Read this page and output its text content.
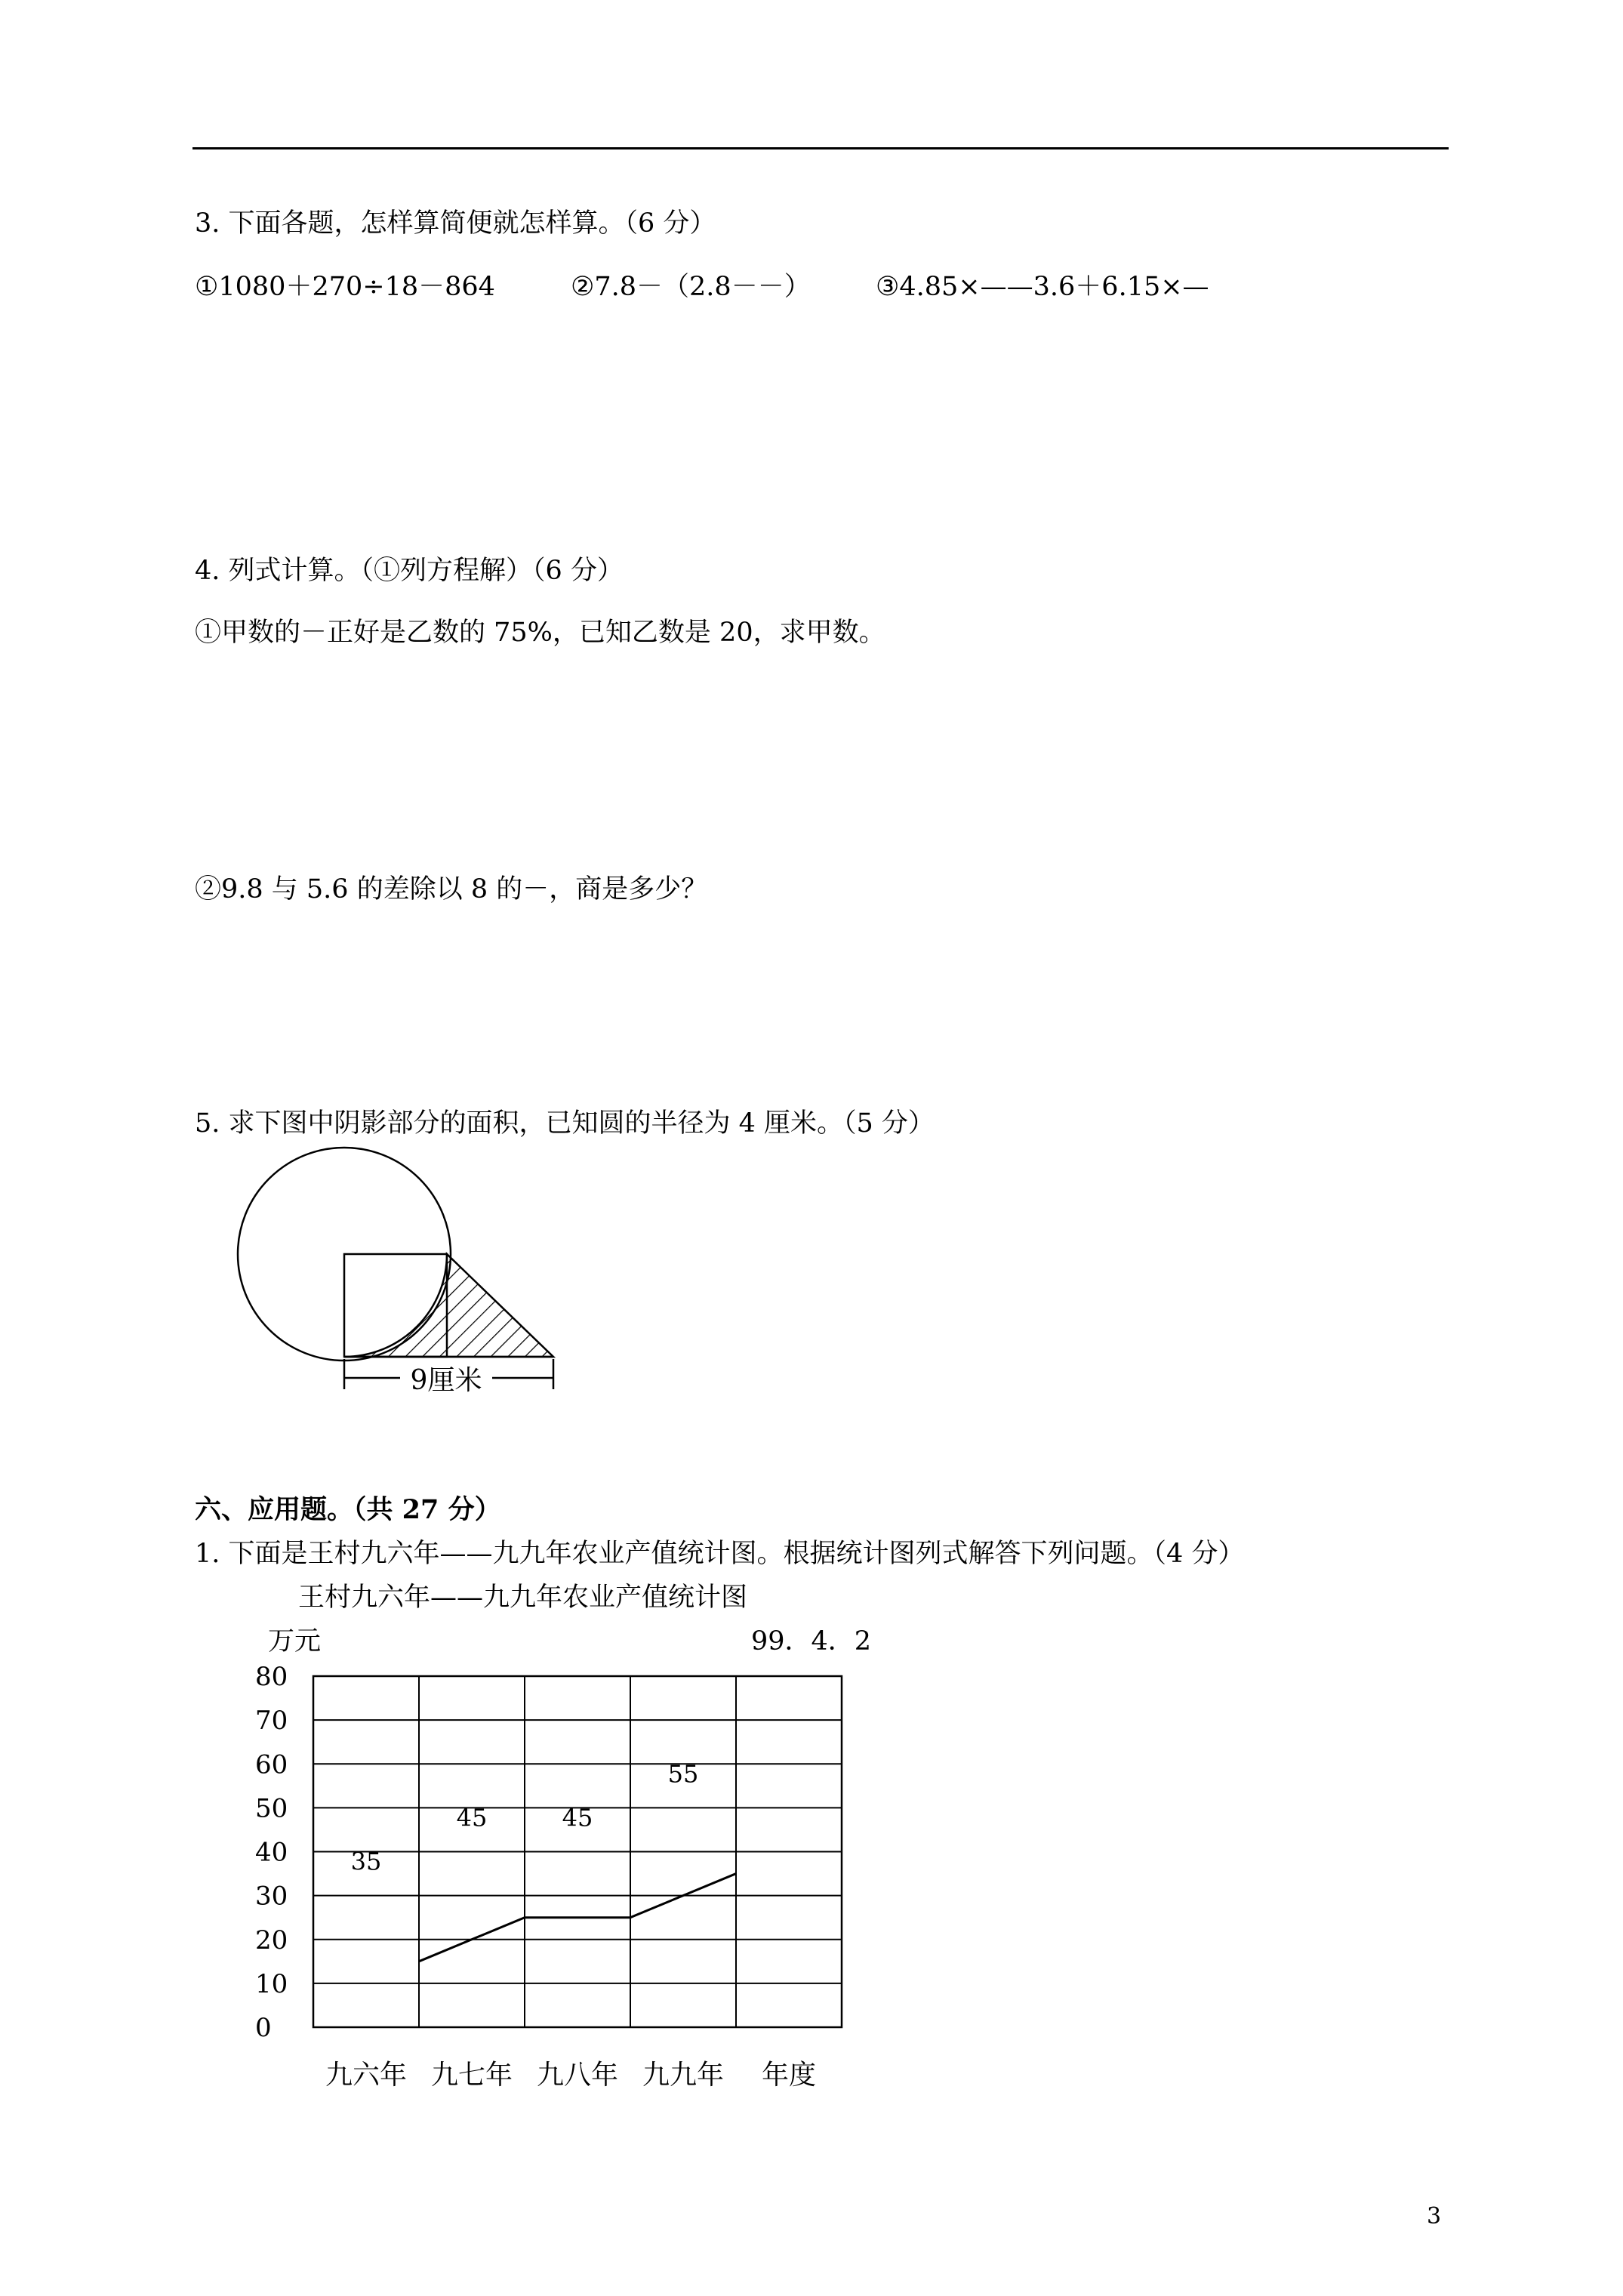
3. 下面各题，怎样算简便就怎样算。（6 分）
①1080＋270÷18－864	②7.8－（2.8－－） ③4.85×——3.6＋6.15×—
4. 列式计算。（①列方程解）（6 分）
①甲数的－正好是乙数的 75%，已知乙数是 20，求甲数。
②9.8 与 5.6 的差除以 8 的－，商是多少？
5. 求下图中阴影部分的面积，已知圆的半径为 4 厘米。（5 分）
9厘米
六、应用题。（共 27 分）
1. 下面是王村九六年——九九年农业产值统计图。根据统计图列式解答下列问题。（4 分）
王村九六年——九九年农业产值统计图
万元	99．4．2
0
10
20
30
40
50
60
70
80
九六年 九七年 九八年 九九年 年度
35
45	45
55
3
